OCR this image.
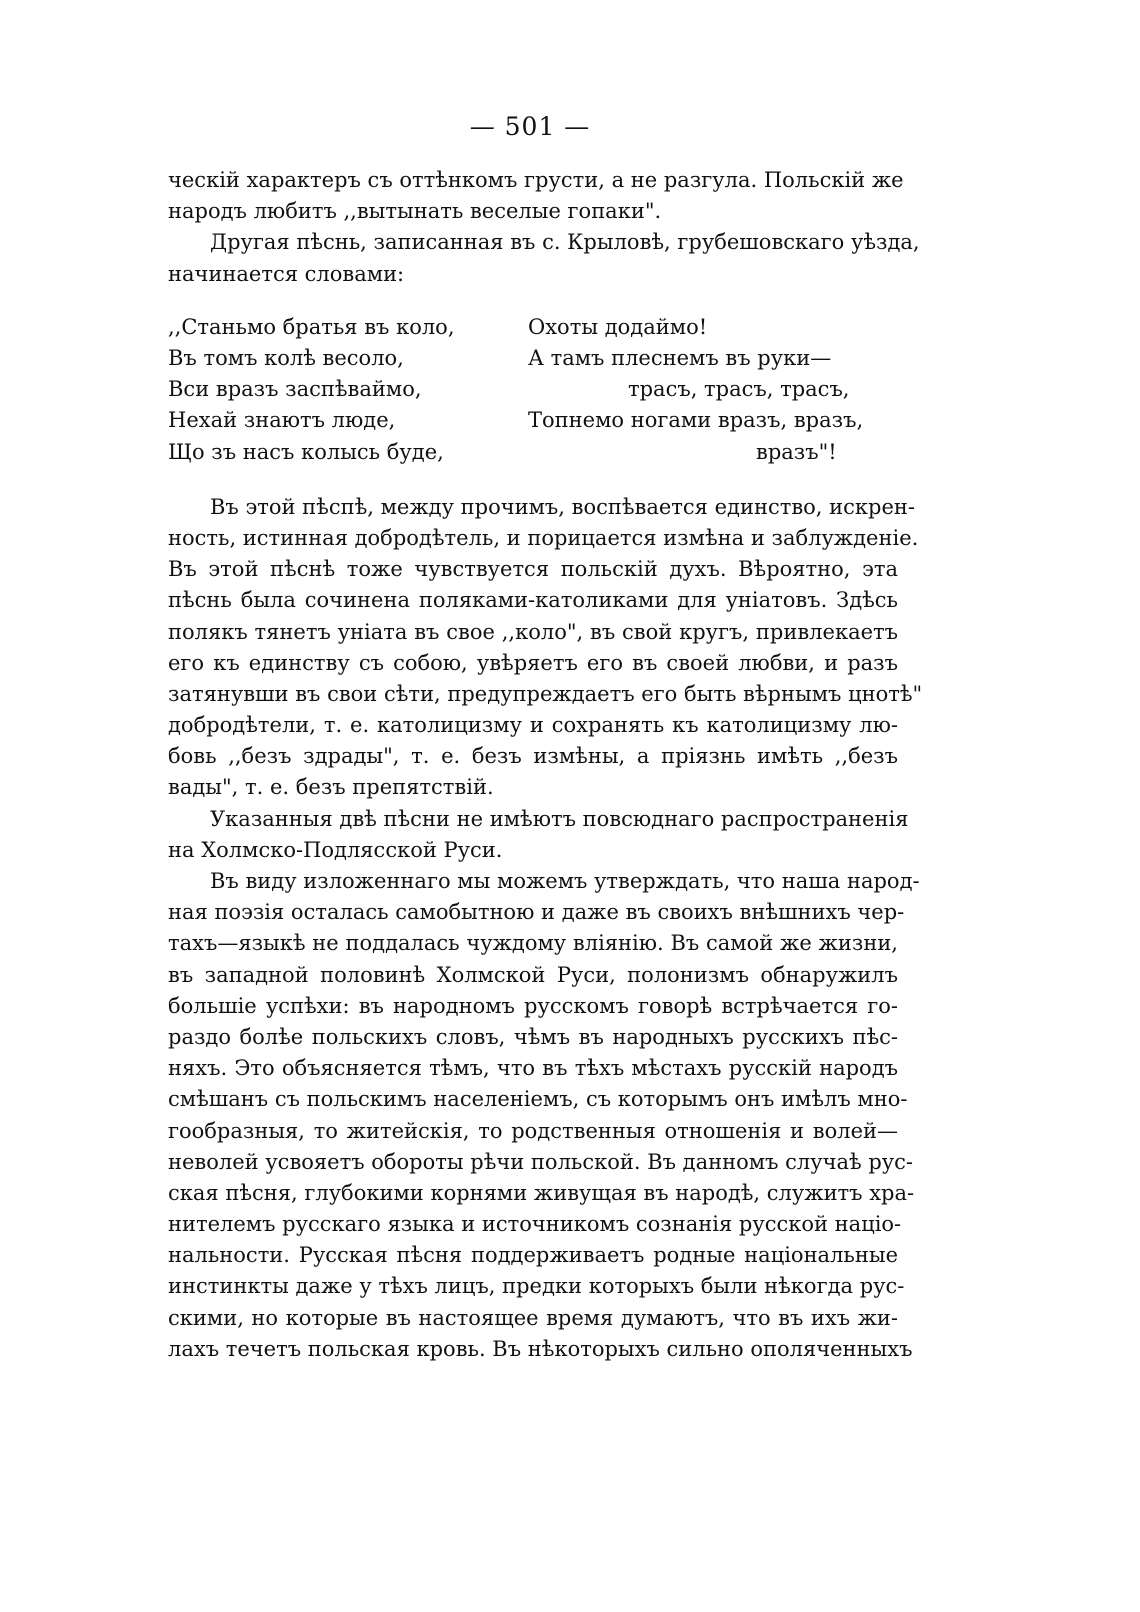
— 501 —
ческій характеръ съ оттѣнкомъ грусти, а не разгула. Польскій же
народъ любитъ ,,вытынать веселые гопаки".
Другая пѣснь, записанная въ с. Крыловѣ, грубешовскаго уѣзда,
начинается словами:
,,Станьмо братья въ коло,
Въ томъ колѣ весоло,
Вси вразъ заспѣваймо,
Нехай знаютъ люде,
Що зъ насъ колысь буде,
Охоты додаймо!
А тамъ плеснемъ въ руки—
трасъ, трасъ, трасъ,
Топнемо ногами вразъ, вразъ,
вразъ"!
Въ этой пѣспѣ, между прочимъ, воспѣвается единство, искрен-
ность, истинная добродѣтель, и порицается измѣна и заблужденіе.
Въ этой пѣснѣ тоже чувствуется польскій духъ. Вѣроятно, эта
пѣснь была сочинена поляками-католиками для уніатовъ. Здѣсь
полякъ тянетъ уніата въ свое ,,коло", въ свой кругъ, привлекаетъ
его къ единству съ собою, увѣряетъ его въ своей любви, и разъ
затянувши въ свои сѣти, предупреждаетъ его быть вѣрнымъ цнотѣ"
добродѣтели, т. е. католицизму и сохранять къ католицизму лю-
бовь ,,безъ здрады", т. е. безъ измѣны, а пріязнь имѣть ,,безъ
вады", т. е. безъ препятствій.
Указанныя двѣ пѣсни не имѣютъ повсюднаго распространенія
на Холмско-Подлясской Руси.
Въ виду изложеннаго мы можемъ утверждать, что наша народ-
ная поэзія осталась самобытною и даже въ своихъ внѣшнихъ чер-
тахъ—языкѣ не поддалась чуждому вліянію. Въ самой же жизни,
въ западной половинѣ Холмской Руси, полонизмъ обнаружилъ
большіе успѣхи: въ народномъ русскомъ говорѣ встрѣчается го-
раздо болѣе польскихъ словъ, чѣмъ въ народныхъ русскихъ пѣс-
няхъ. Это объясняется тѣмъ, что въ тѣхъ мѣстахъ русскій народъ
смѣшанъ съ польскимъ населеніемъ, съ которымъ онъ имѣлъ мно-
гообразныя, то житейскія, то родственныя отношенія и волей—
неволей усвояетъ обороты рѣчи польской. Въ данномъ случаѣ рус-
ская пѣсня, глубокими корнями живущая въ народѣ, служитъ хра-
нителемъ русскаго языка и источникомъ сознанія русской націо-
нальности. Русская пѣсня поддерживаетъ родные національные
инстинкты даже у тѣхъ лицъ, предки которыхъ были нѣкогда рус-
скими, но которые въ настоящее время думаютъ, что въ ихъ жи-
лахъ течетъ польская кровь. Въ нѣкоторыхъ сильно ополяченныхъ
